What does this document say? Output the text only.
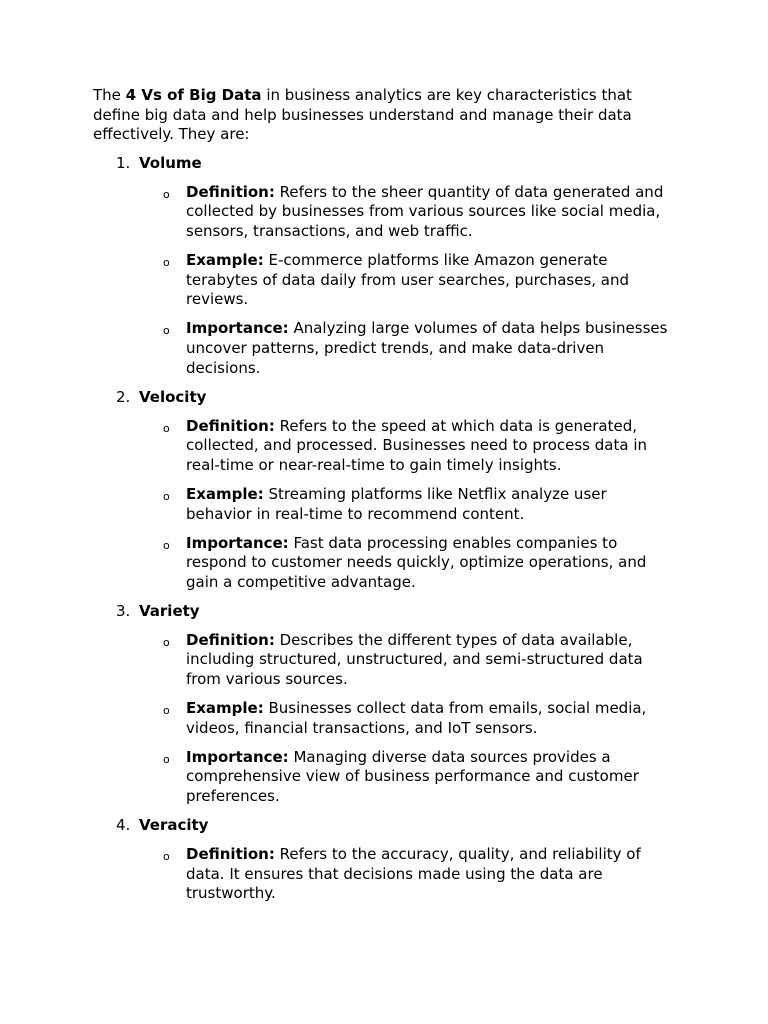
The 4 Vs of Big Data in business analytics are key characteristics that define big data and help businesses understand and manage their data effectively. They are:

1. Volume
o Definition: Refers to the sheer quantity of data generated and collected by businesses from various sources like social media, sensors, transactions, and web traffic.
o Example: E-commerce platforms like Amazon generate terabytes of data daily from user searches, purchases, and reviews.
o Importance: Analyzing large volumes of data helps businesses uncover patterns, predict trends, and make data-driven decisions.
2. Velocity
o Definition: Refers to the speed at which data is generated, collected, and processed. Businesses need to process data in real-time or near-real-time to gain timely insights.
o Example: Streaming platforms like Netflix analyze user behavior in real-time to recommend content.
o Importance: Fast data processing enables companies to respond to customer needs quickly, optimize operations, and gain a competitive advantage.
3. Variety
o Definition: Describes the different types of data available, including structured, unstructured, and semi-structured data from various sources.
o Example: Businesses collect data from emails, social media, videos, financial transactions, and IoT sensors.
o Importance: Managing diverse data sources provides a comprehensive view of business performance and customer preferences.
4. Veracity
o Definition: Refers to the accuracy, quality, and reliability of data. It ensures that decisions made using the data are trustworthy.
